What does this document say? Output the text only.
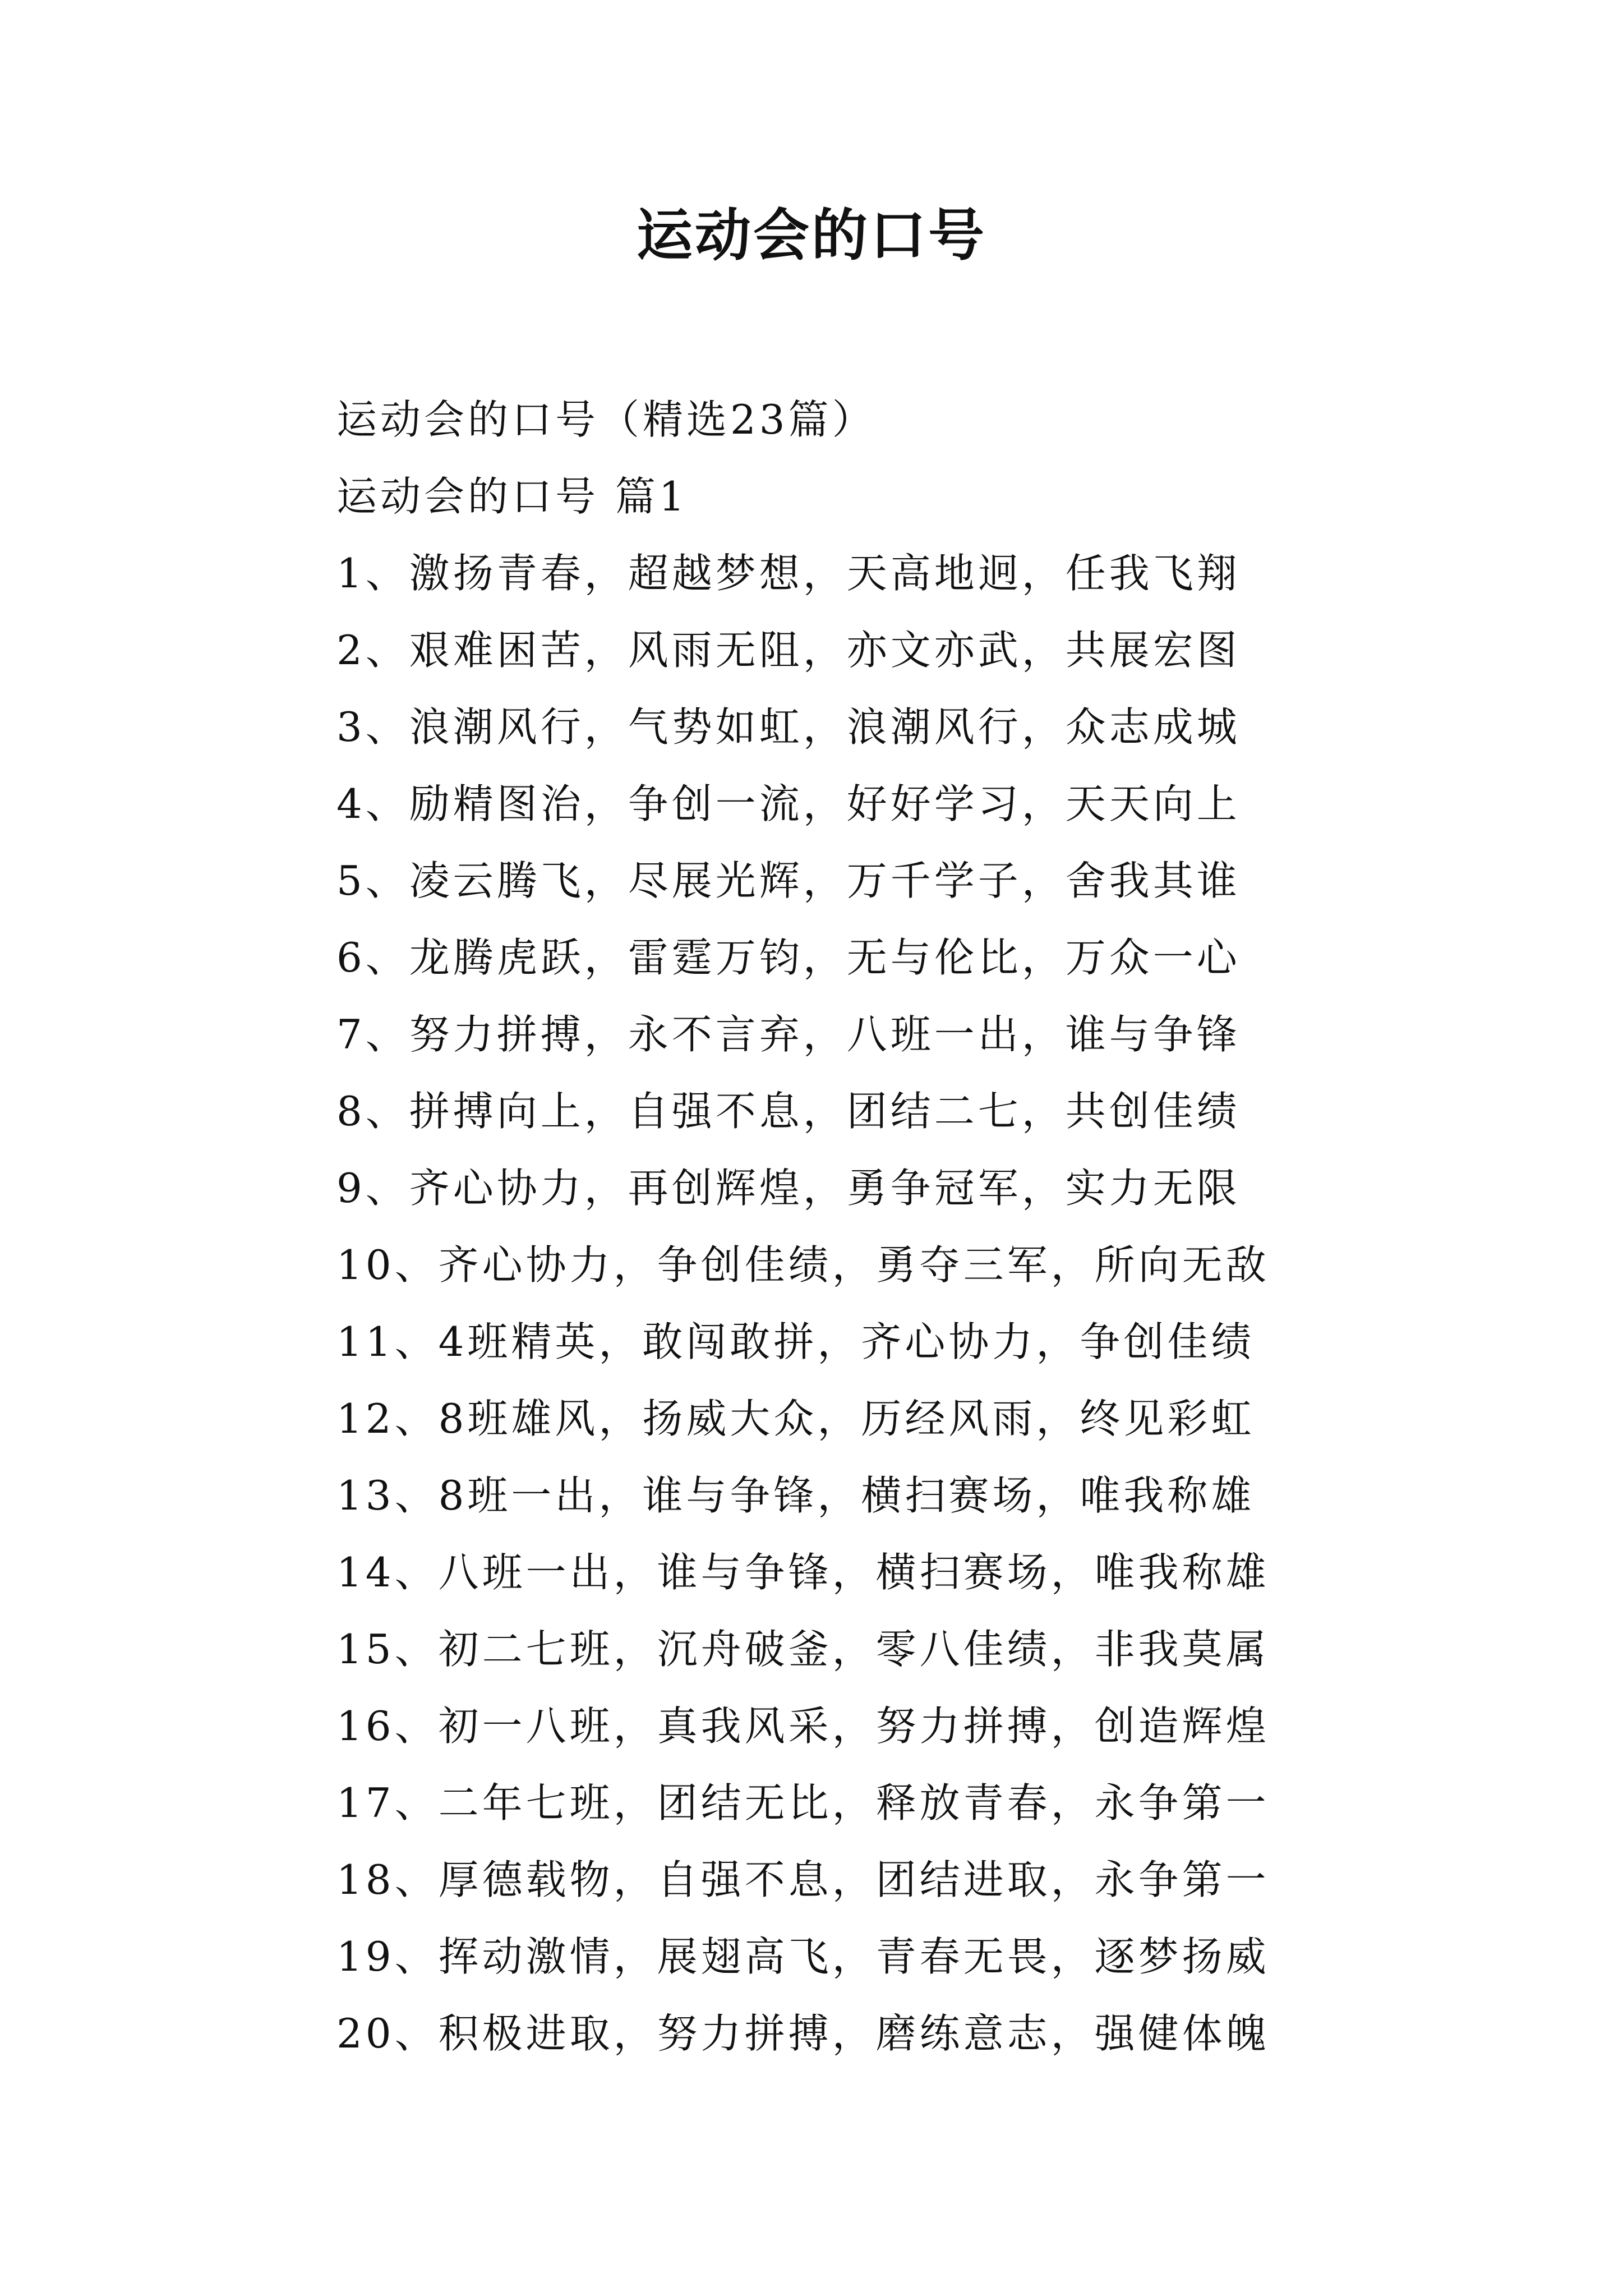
运动会的口号
运动会的口号（精选23篇）
运动会的口号 篇1
1、激扬青春，超越梦想，天高地迥，任我飞翔
2、艰难困苦，风雨无阻，亦文亦武，共展宏图
3、浪潮风行，气势如虹，浪潮风行，众志成城
4、励精图治，争创一流，好好学习，天天向上
5、凌云腾飞，尽展光辉，万千学子，舍我其谁
6、龙腾虎跃，雷霆万钧，无与伦比，万众一心
7、努力拼搏，永不言弃，八班一出，谁与争锋
8、拼搏向上，自强不息，团结二七，共创佳绩
9、齐心协力，再创辉煌，勇争冠军，实力无限
10、齐心协力，争创佳绩，勇夺三军，所向无敌
11、4班精英，敢闯敢拼，齐心协力，争创佳绩
12、8班雄风，扬威大众，历经风雨，终见彩虹
13、8班一出，谁与争锋，横扫赛场，唯我称雄
14、八班一出，谁与争锋，横扫赛场，唯我称雄
15、初二七班，沉舟破釜，零八佳绩，非我莫属
16、初一八班，真我风采，努力拼搏，创造辉煌
17、二年七班，团结无比，释放青春，永争第一
18、厚德载物，自强不息，团结进取，永争第一
19、挥动激情，展翅高飞，青春无畏，逐梦扬威
20、积极进取，努力拼搏，磨练意志，强健体魄
